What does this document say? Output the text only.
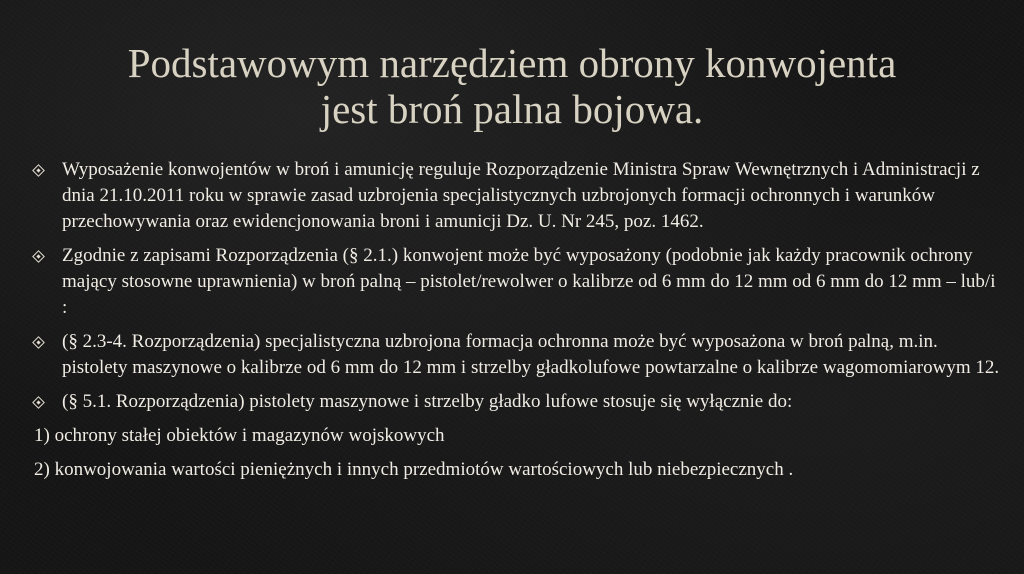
Podstawowym narzędziem obrony konwojenta
jest broń palna bojowa.
Wyposażenie konwojentów w broń i amunicję reguluje Rozporządzenie Ministra Spraw Wewnętrznych i Administracji z dnia 21.10.2011 roku w sprawie zasad uzbrojenia specjalistycznych uzbrojonych formacji ochronnych i warunków przechowywania oraz ewidencjonowania broni i amunicji Dz. U. Nr 245, poz. 1462.
Zgodnie z zapisami Rozporządzenia (§ 2.1.) konwojent może być wyposażony (podobnie jak każdy pracownik ochrony mający stosowne uprawnienia) w broń palną – pistolet/rewolwer o kalibrze od 6 mm do 12 mm od 6 mm do 12 mm – lub/i :
(§ 2.3-4. Rozporządzenia) specjalistyczna uzbrojona formacja ochronna może być wyposażona w broń palną, m.in. pistolety maszynowe o kalibrze od 6 mm do 12 mm i strzelby gładkolufowe powtarzalne o kalibrze wagomomiarowym 12.
(§ 5.1. Rozporządzenia) pistolety maszynowe i strzelby gładko lufowe stosuje się wyłącznie do:
1) ochrony stałej obiektów i magazynów wojskowych
2) konwojowania wartości pieniężnych i innych przedmiotów wartościowych lub niebezpiecznych .
